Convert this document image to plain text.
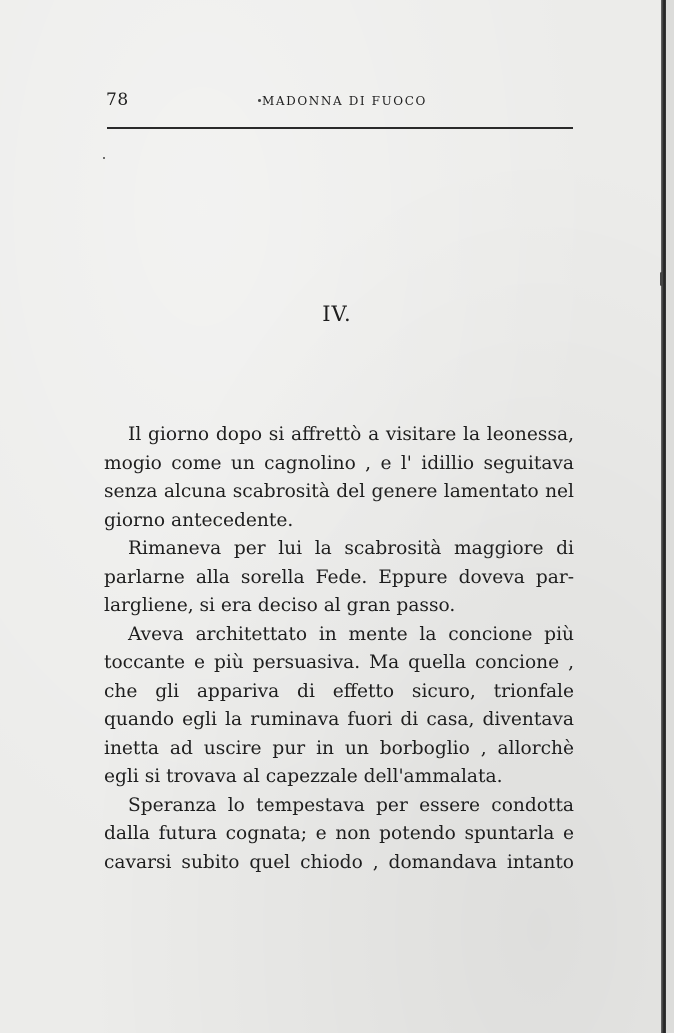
78	MADONNA DI FUOCO
IV.

Il giorno dopo si affrettò a visitare la leonessa, mogio come un cagnolino , e l' idillio seguitava senza alcuna scabrosità del genere lamentato nel giorno antecedente.

Rimaneva per lui la scabrosità maggiore di parlarne alla sorella Fede. Eppure doveva par-largliene, si era deciso al gran passo.

Aveva architettato in mente la concione più toccante e più persuasiva. Ma quella concione , che gli appariva di effetto sicuro, trionfale quando egli la ruminava fuori di casa, diventava inetta ad uscire pur in un borboglio , allorchè egli si trovava al capezzale dell'ammalata.

Speranza lo tempestava per essere condotta dalla futura cognata; e non potendo spuntarla e cavarsi subito quel chiodo , domandava intanto
